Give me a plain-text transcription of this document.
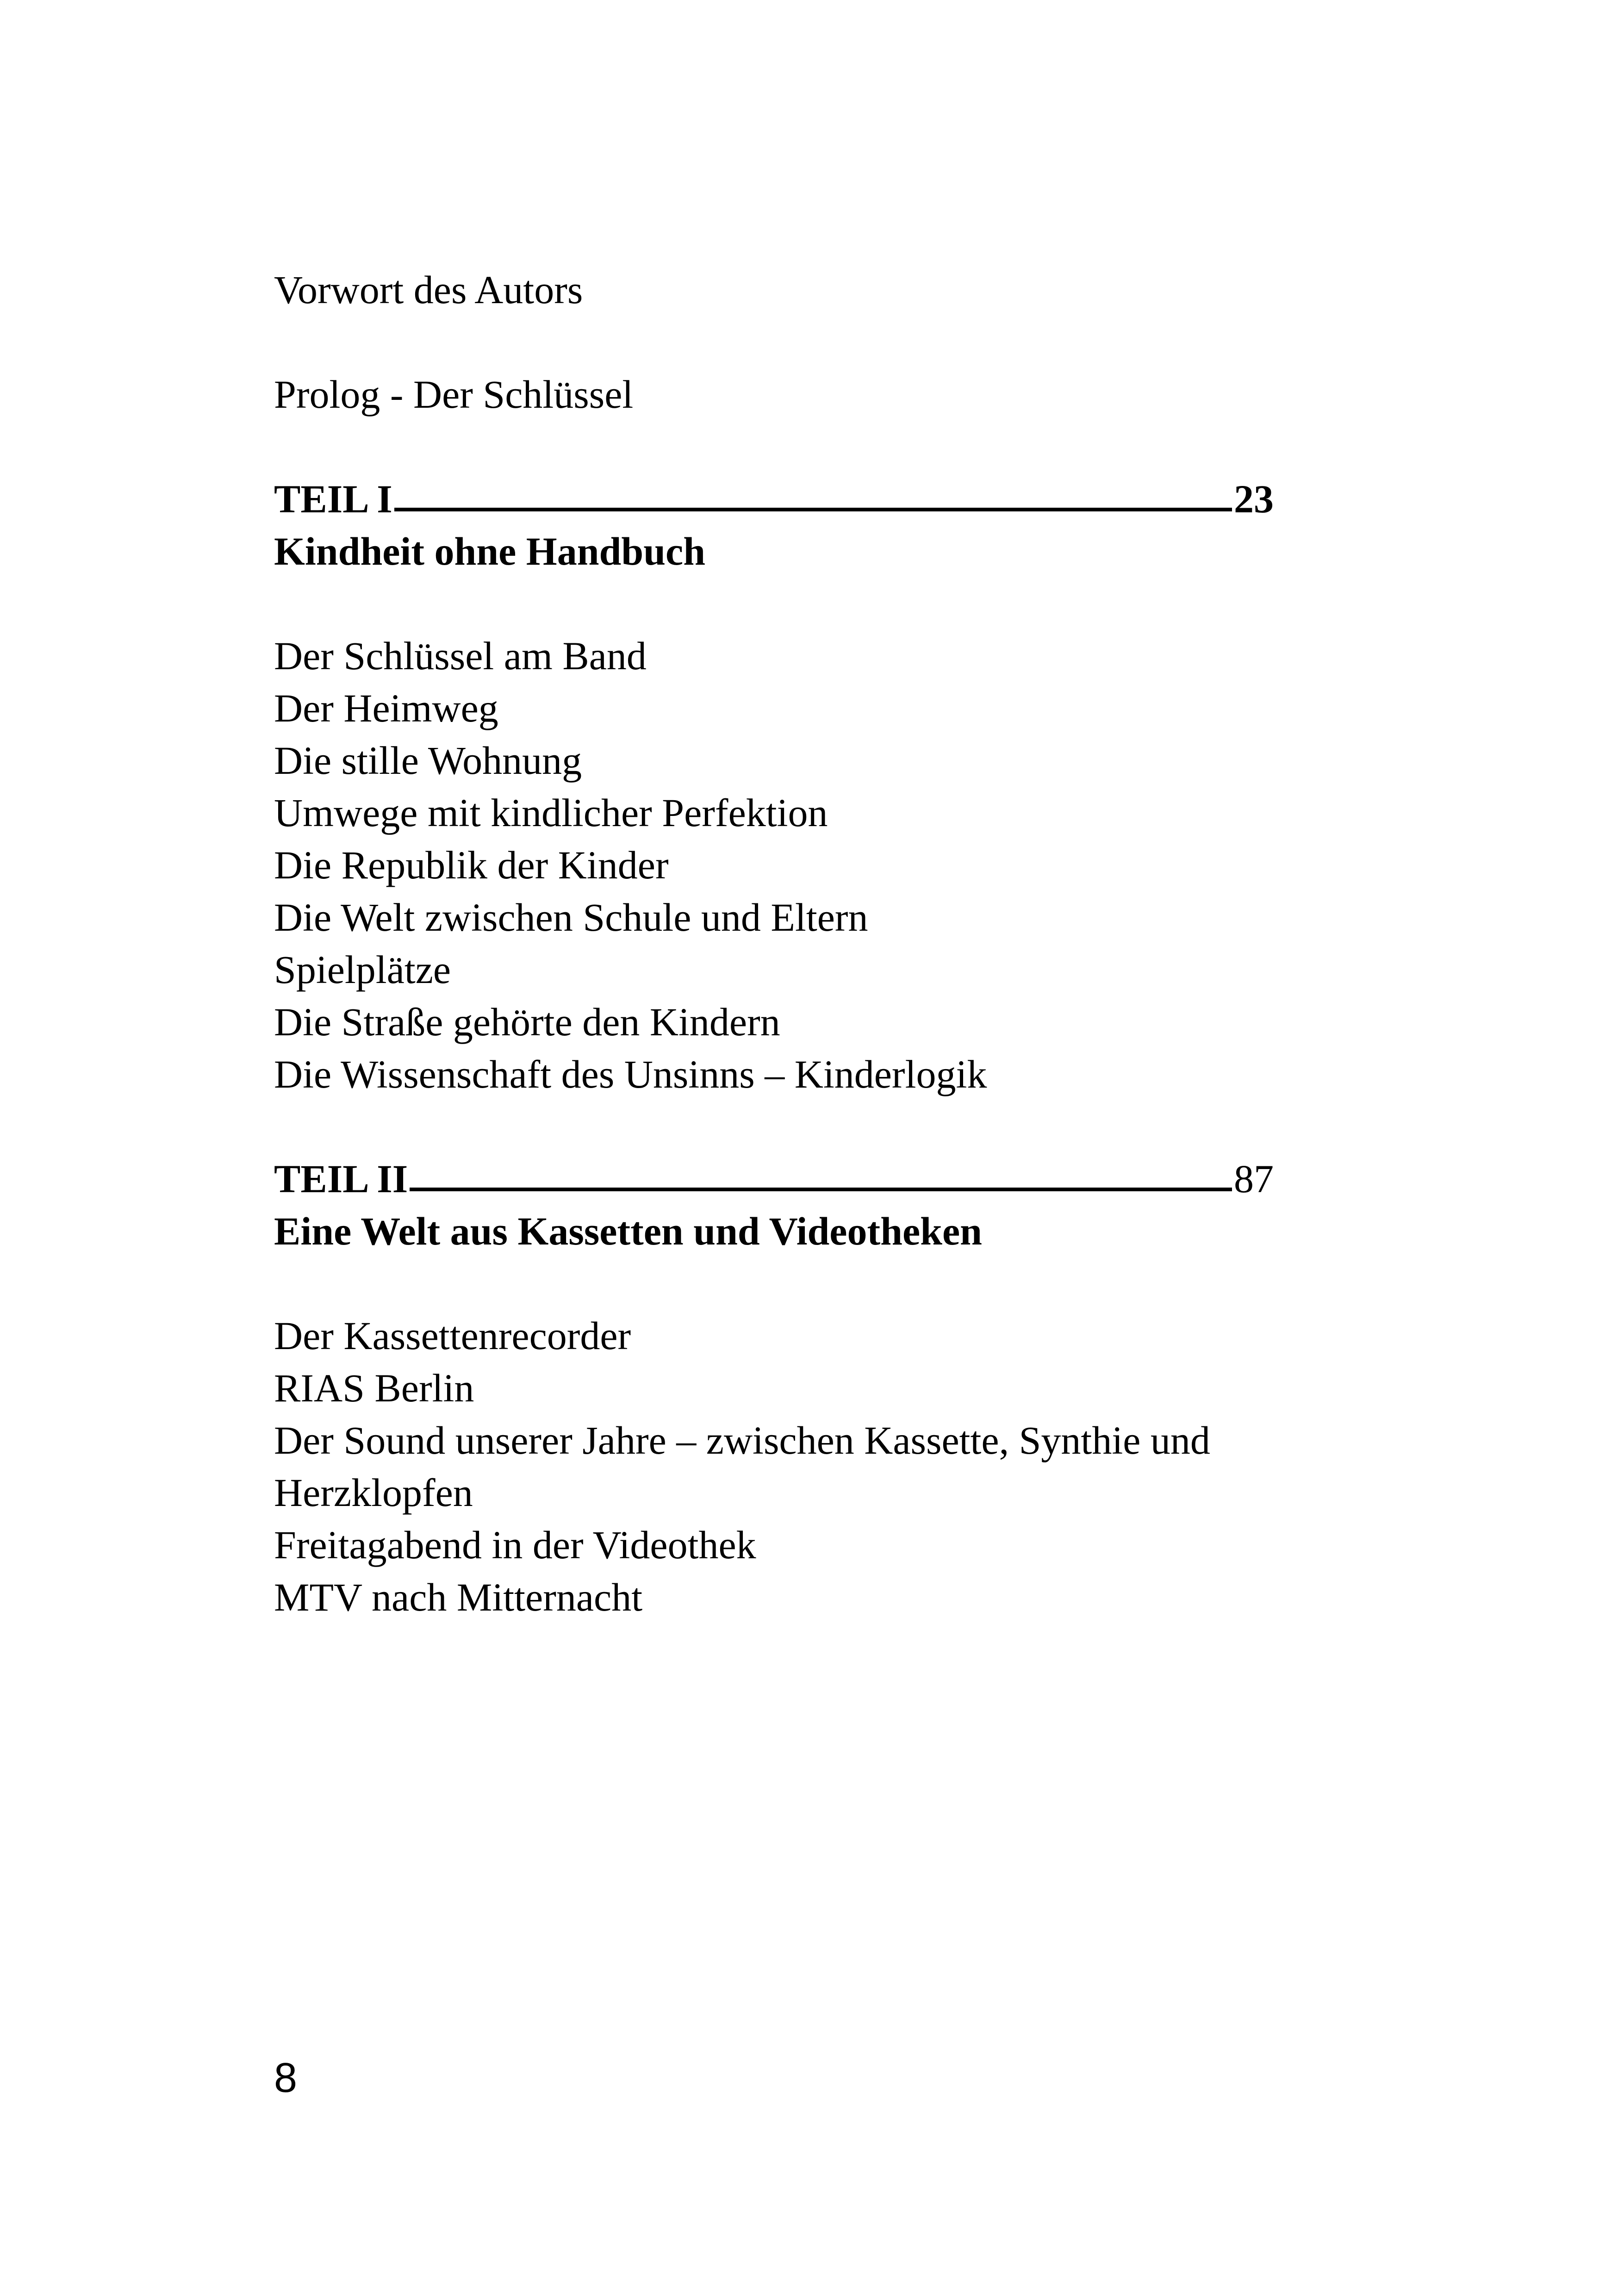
Vorwort des Autors
Prolog - Der Schlüssel
TEIL I	23
Kindheit ohne Handbuch
Der Schlüssel am Band
Der Heimweg
Die stille Wohnung
Umwege mit kindlicher Perfektion
Die Republik der Kinder
Die Welt zwischen Schule und Eltern
Spielplätze
Die Straße gehörte den Kindern
Die Wissenschaft des Unsinns – Kinderlogik
TEIL II	87
Eine Welt aus Kassetten und Videotheken
Der Kassettenrecorder
RIAS Berlin
Der Sound unserer Jahre – zwischen Kassette, Synthie und Herzklopfen
Freitagabend in der Videothek
MTV nach Mitternacht
8
